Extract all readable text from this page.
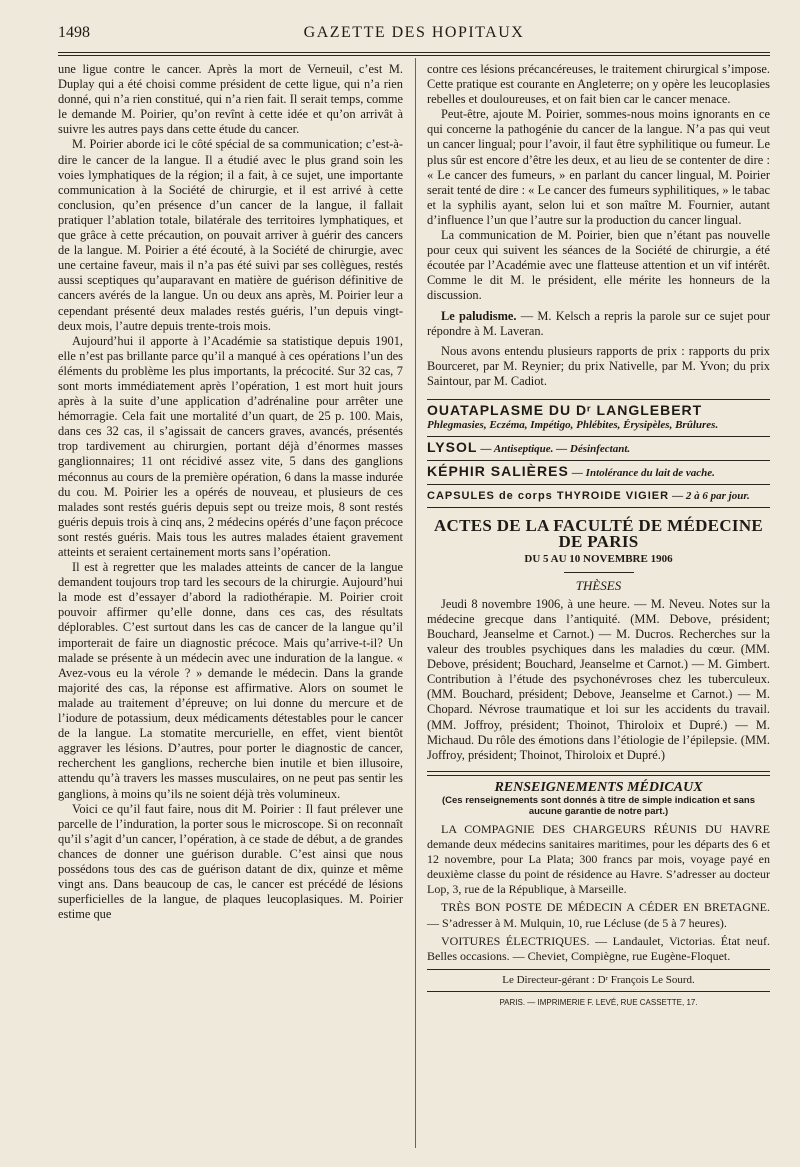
1498	GAZETTE DES HOPITAUX

une ligue contre le cancer. Après la mort de Verneuil, c’est M. Duplay qui a été choisi comme président de cette ligue, qui n’a rien donné, qui n’a rien constitué, qui n’a rien fait. Il serait temps, comme le demande M. Poirier, qu’on revînt à cette idée et qu’on arrivât à suivre les autres pays dans cette étude du cancer.

M. Poirier aborde ici le côté spécial de sa communication; c’est-à-dire le cancer de la langue. Il a étudié avec le plus grand soin les voies lymphatiques de la région; il a fait, à ce sujet, une importante communication à la Société de chirurgie, et il est arrivé à cette conclusion, qu’en présence d’un cancer de la langue, il fallait pratiquer l’ablation totale, bilatérale des territoires lymphatiques, et que grâce à cette précaution, on pouvait arriver à guérir des cancers de la langue. M. Poirier a été écouté, à la Société de chirurgie, avec une certaine faveur, mais il n’a pas été suivi par ses collègues, restés aussi sceptiques qu’auparavant en matière de guérison définitive de cancers avérés de la langue. Un ou deux ans après, M. Poirier leur a cependant présenté deux malades restés guéris, l’un depuis vingt-deux mois, l’autre depuis trente-trois mois.

Aujourd’hui il apporte à l’Académie sa statistique depuis 1901, elle n’est pas brillante parce qu’il a manqué à ces opérations l’un des éléments du problème les plus importants, la précocité. Sur 32 cas, 7 sont morts immédiatement après l’opération, 1 est mort huit jours après à la suite d’une application d’adrénaline pour arrêter une hémorragie. Cela fait une mortalité d’un quart, de 25 p. 100. Mais, dans ces 32 cas, il s’agissait de cancers graves, avancés, présentés trop tardivement au chirurgien, portant déjà d’énormes masses ganglionnaires; 11 ont récidivé assez vite, 5 dans des ganglions méconnus au cours de la première opération, 6 dans la masse indurée du cou. M. Poirier les a opérés de nouveau, et plusieurs de ces malades sont restés guéris depuis sept ou treize mois, 8 sont restés guéris depuis trois à cinq ans, 2 médecins opérés d’une façon précoce sont restés guéris. Mais tous les autres malades étaient gravement atteints et seraient certainement morts sans l’opération.

Il est à regretter que les malades atteints de cancer de la langue demandent toujours trop tard les secours de la chirurgie. Aujourd’hui la mode est d’essayer d’abord la radiothérapie. M. Poirier croit pouvoir affirmer qu’elle donne, dans ces cas, des résultats déplorables. C’est surtout dans les cas de cancer de la langue qu’il importerait de faire un diagnostic précoce. Mais qu’arrive-t-il? Un malade se présente à un médecin avec une induration de la langue. « Avez-vous eu la vérole ? » demande le médecin. Dans la grande majorité des cas, la réponse est affirmative. Alors on soumet le malade au traitement d’épreuve; on lui donne du mercure et de l’iodure de potassium, deux médicaments détestables pour le cancer de la langue. La stomatite mercurielle, en effet, vient bientôt aggraver les lésions. D’autres, pour porter le diagnostic de cancer, recherchent les ganglions, recherche bien inutile et bien illusoire, attendu qu’à travers les masses musculaires, on ne peut pas sentir les ganglions, à moins qu’ils ne soient déjà très volumineux.

Voici ce qu’il faut faire, nous dit M. Poirier : Il faut prélever une parcelle de l’induration, la porter sous le microscope. Si on reconnaît qu’il s’agit d’un cancer, l’opération, à ce stade de début, a de grandes chances de donner une guérison durable. C’est ainsi que nous possédons tous des cas de guérison datant de dix, quinze et même vingt ans. Dans beaucoup de cas, le cancer est précédé de lésions superficielles de la langue, de plaques leucoplasiques. M. Poirier estime que

contre ces lésions précancéreuses, le traitement chirurgical s’impose. Cette pratique est courante en Angleterre; on y opère les leucoplasies rebelles et douloureuses, et on fait bien car le cancer menace.

Peut-être, ajoute M. Poirier, sommes-nous moins ignorants en ce qui concerne la pathogénie du cancer de la langue. N’a pas qui veut un cancer lingual; pour l’avoir, il faut être syphilitique ou fumeur. Le plus sûr est encore d’être les deux, et au lieu de se contenter de dire : « Le cancer des fumeurs, » en parlant du cancer lingual, M. Poirier serait tenté de dire : « Le cancer des fumeurs syphilitiques, » le tabac et la syphilis ayant, selon lui et son maître M. Fournier, autant d’influence l’un que l’autre sur la production du cancer lingual.

La communication de M. Poirier, bien que n’étant pas nouvelle pour ceux qui suivent les séances de la Société de chirurgie, a été écoutée par l’Académie avec une flatteuse attention et un vif intérêt. Comme le dit M. le président, elle mérite les honneurs de la discussion.

Le paludisme. — M. Kelsch a repris la parole sur ce sujet pour répondre à M. Laveran.

Nous avons entendu plusieurs rapports de prix : rapports du prix Bourceret, par M. Reynier; du prix Nativelle, par M. Yvon; du prix Saintour, par M. Cadiot.

OUATAPLASME DU Dʳ LANGLEBERT
Phlegmasies, Eczéma, Impétigo, Phlébites, Érysipèles, Brûlures.
LYSOL — Antiseptique. — Désinfectant.
KÉPHIR SALIÈRES — Intolérance du lait de vache.
CAPSULES de corps THYROIDE VIGIER — 2 à 6 par jour.
ACTES DE LA FACULTÉ DE MÉDECINE DE PARIS
DU 5 AU 10 NOVEMBRE 1906
THÈSES

Jeudi 8 novembre 1906, à une heure. — M. Neveu. Notes sur la médecine grecque dans l’antiquité. (MM. Debove, président; Bouchard, Jeanselme et Carnot.) — M. Ducros. Recherches sur la valeur des troubles psychiques dans les maladies du cœur. (MM. Debove, président; Bouchard, Jeanselme et Carnot.) — M. Gimbert. Contribution à l’étude des psychonévroses chez les tuberculeux. (MM. Bouchard, président; Debove, Jeanselme et Carnot.) — M. Chopard. Névrose traumatique et loi sur les accidents du travail. (MM. Joffroy, président; Thoinot, Thiroloix et Dupré.) — M. Michaud. Du rôle des émotions dans l’étiologie de l’épilepsie. (MM. Joffroy, président; Thoinot, Thiroloix et Dupré.)

RENSEIGNEMENTS MÉDICAUX
(Ces renseignements sont donnés à titre de simple indication et sans aucune garantie de notre part.)

LA COMPAGNIE DES CHARGEURS RÉUNIS DU HAVRE demande deux médecins sanitaires maritimes, pour les départs des 6 et 12 novembre, pour La Plata; 300 francs par mois, voyage payé en deuxième classe du point de résidence au Havre. S’adresser au docteur Lop, 3, rue de la République, à Marseille.

TRÈS BON POSTE DE MÉDECIN A CÉDER EN BRETAGNE. — S’adresser à M. Mulquin, 10, rue Lécluse (de 5 à 7 heures).

VOITURES ÉLECTRIQUES. — Landaulet, Victorias. État neuf. Belles occasions. — Cheviet, Compiègne, rue Eugène-Floquet.

Le Directeur-gérant : Dʳ François Le Sourd.
PARIS. — IMPRIMERIE F. LEVÉ, RUE CASSETTE, 17.
